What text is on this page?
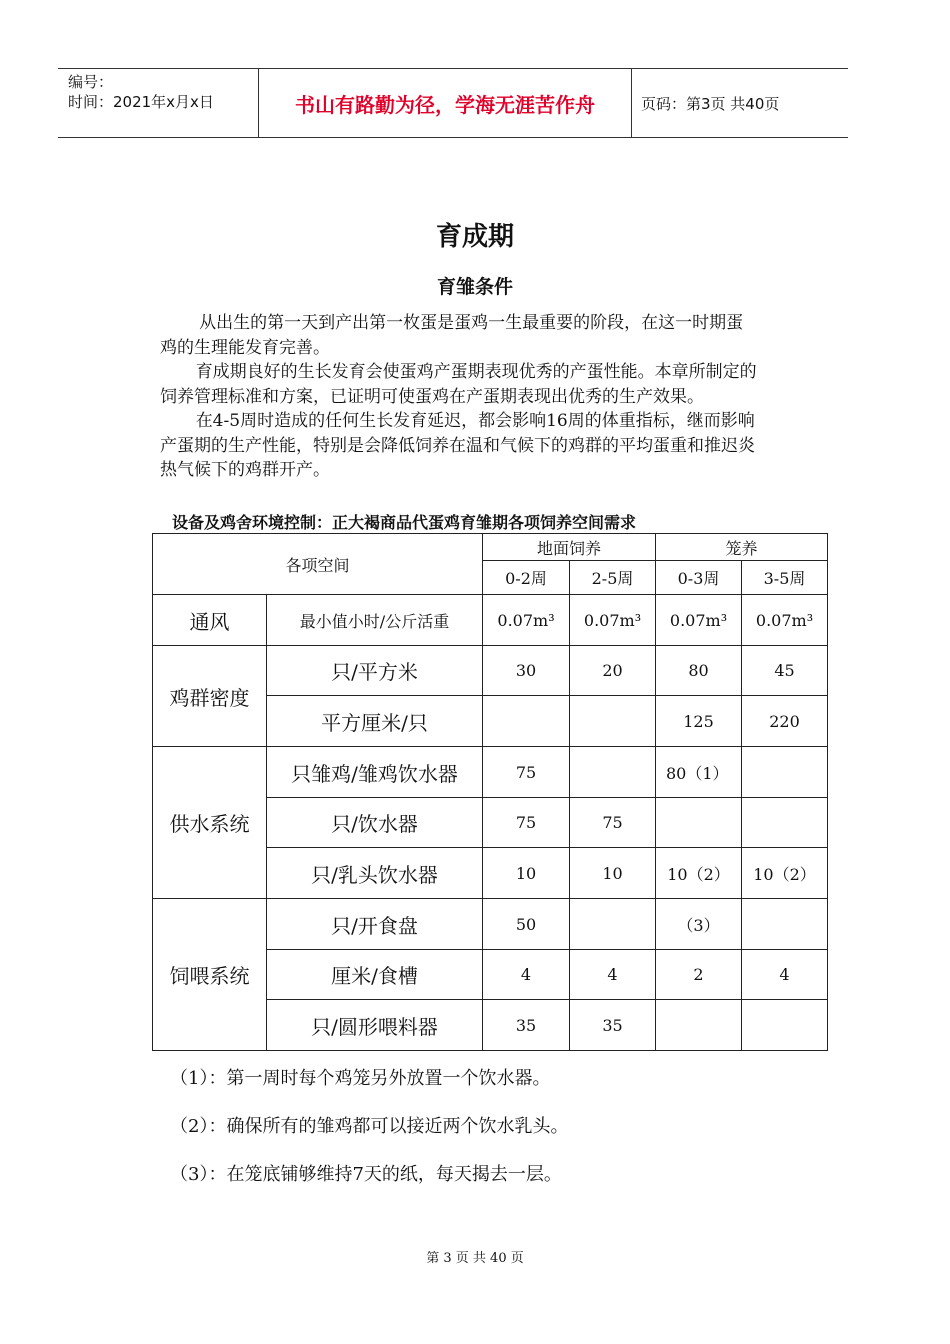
编号：
时间：2021年x月x日	书山有路勤为径，学海无涯苦作舟	页码：第3页 共40页
育成期
育雏条件

从出生的第一天到产出第一枚蛋是蛋鸡一生最重要的阶段，在这一时期蛋鸡的生理能发育完善。

育成期良好的生长发育会使蛋鸡产蛋期表现优秀的产蛋性能。本章所制定的饲养管理标准和方案，已证明可使蛋鸡在产蛋期表现出优秀的生产效果。

在4-5周时造成的任何生长发育延迟，都会影响16周的体重指标，继而影响产蛋期的生产性能，特别是会降低饲养在温和气候下的鸡群的平均蛋重和推迟炎热气候下的鸡群开产。

设备及鸡舍环境控制：正大褐商品代蛋鸡育雏期各项饲养空间需求
各项空间		地面饲养		笼养	
		0-2周	2-5周	0-3周	3-5周
通风	最小值小时/公斤活重	0.07m³	0.07m³	0.07m³	0.07m³
鸡群密度	只/平方米	30	20	80	45
	平方厘米/只			125	220
供水系统	只雏鸡/雏鸡饮水器	75		80（1）	
	只/饮水器	75	75		
	只/乳头饮水器	10	10	10（2）	10（2）
饲喂系统	只/开食盘	50		（3）	
	厘米/食槽	4	4	2	4
	只/圆形喂料器	35	35		
（1）：第一周时每个鸡笼另外放置一个饮水器。
（2）：确保所有的雏鸡都可以接近两个饮水乳头。
（3）：在笼底铺够维持7天的纸，每天揭去一层。
第 3 页 共 40 页
